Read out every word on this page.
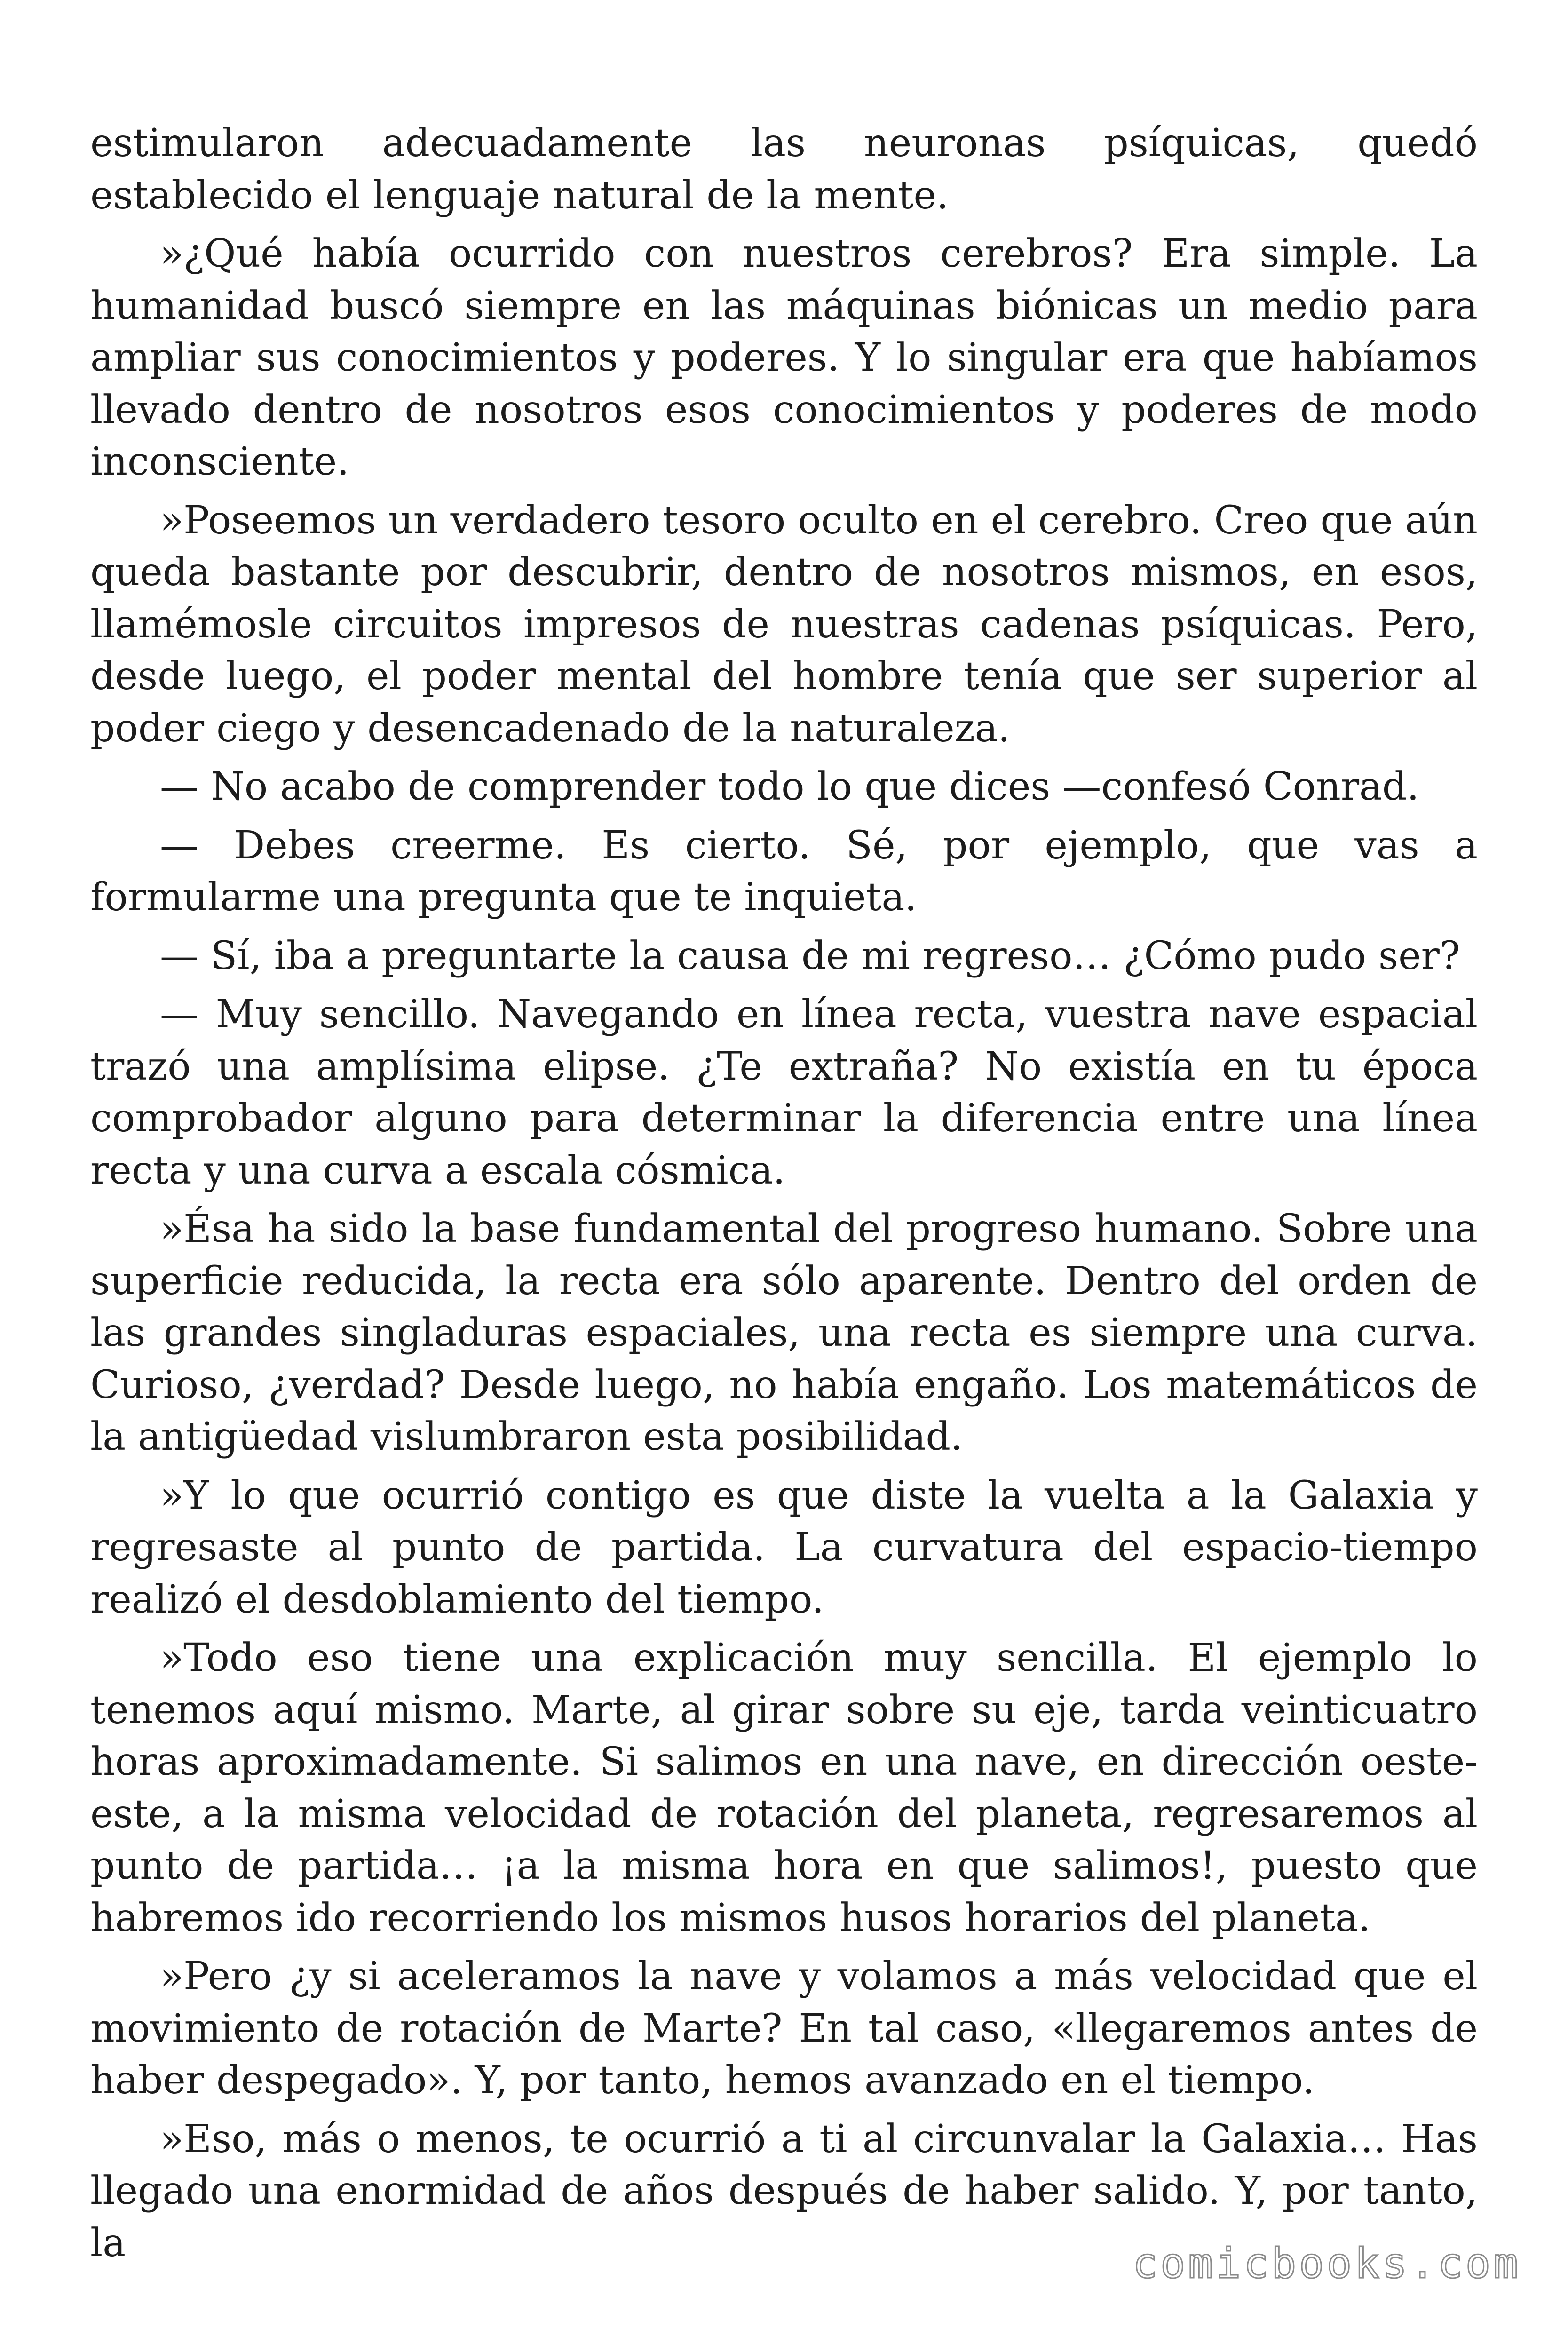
estimularon adecuadamente las neuronas psíquicas, quedó establecido el lenguaje natural de la mente.

»¿Qué había ocurrido con nuestros cerebros? Era simple. La humanidad buscó siempre en las máquinas biónicas un medio para ampliar sus conocimientos y poderes. Y lo singular era que habíamos llevado dentro de nosotros esos conocimientos y poderes de modo inconsciente.

»Poseemos un verdadero tesoro oculto en el cerebro. Creo que aún queda bastante por descubrir, dentro de nosotros mismos, en esos, llamémosle circuitos impresos de nuestras cadenas psíquicas. Pero, desde luego, el poder mental del hombre tenía que ser superior al poder ciego y desencadenado de la naturaleza.

— No acabo de comprender todo lo que dices —confesó Conrad.

— Debes creerme. Es cierto. Sé, por ejemplo, que vas a formularme una pregunta que te inquieta.

— Sí, iba a preguntarte la causa de mi regreso… ¿Cómo pudo ser?

— Muy sencillo. Navegando en línea recta, vuestra nave espacial trazó una amplísima elipse. ¿Te extraña? No existía en tu época comprobador alguno para determinar la diferencia entre una línea recta y una curva a escala cósmica.

»Ésa ha sido la base fundamental del progreso humano. Sobre una superficie reducida, la recta era sólo aparente. Dentro del orden de las grandes singladuras espaciales, una recta es siempre una curva. Curioso, ¿verdad? Desde luego, no había engaño. Los matemáticos de la antigüedad vislumbraron esta posibilidad.

»Y lo que ocurrió contigo es que diste la vuelta a la Galaxia y regresaste al punto de partida. La curvatura del espacio-tiempo realizó el desdoblamiento del tiempo.

»Todo eso tiene una explicación muy sencilla. El ejemplo lo tenemos aquí mismo. Marte, al girar sobre su eje, tarda veinticuatro horas aproximadamente. Si salimos en una nave, en dirección oeste-este, a la misma velocidad de rotación del planeta, regresaremos al punto de partida… ¡a la misma hora en que salimos!, puesto que habremos ido recorriendo los mismos husos horarios del planeta.

»Pero ¿y si aceleramos la nave y volamos a más velocidad que el movimiento de rotación de Marte? En tal caso, «llegaremos antes de haber despegado». Y, por tanto, hemos avanzado en el tiempo.

»Eso, más o menos, te ocurrió a ti al circunvalar la Galaxia… Has llegado una enormidad de años después de haber salido. Y, por tanto, la	comicbooks.com
